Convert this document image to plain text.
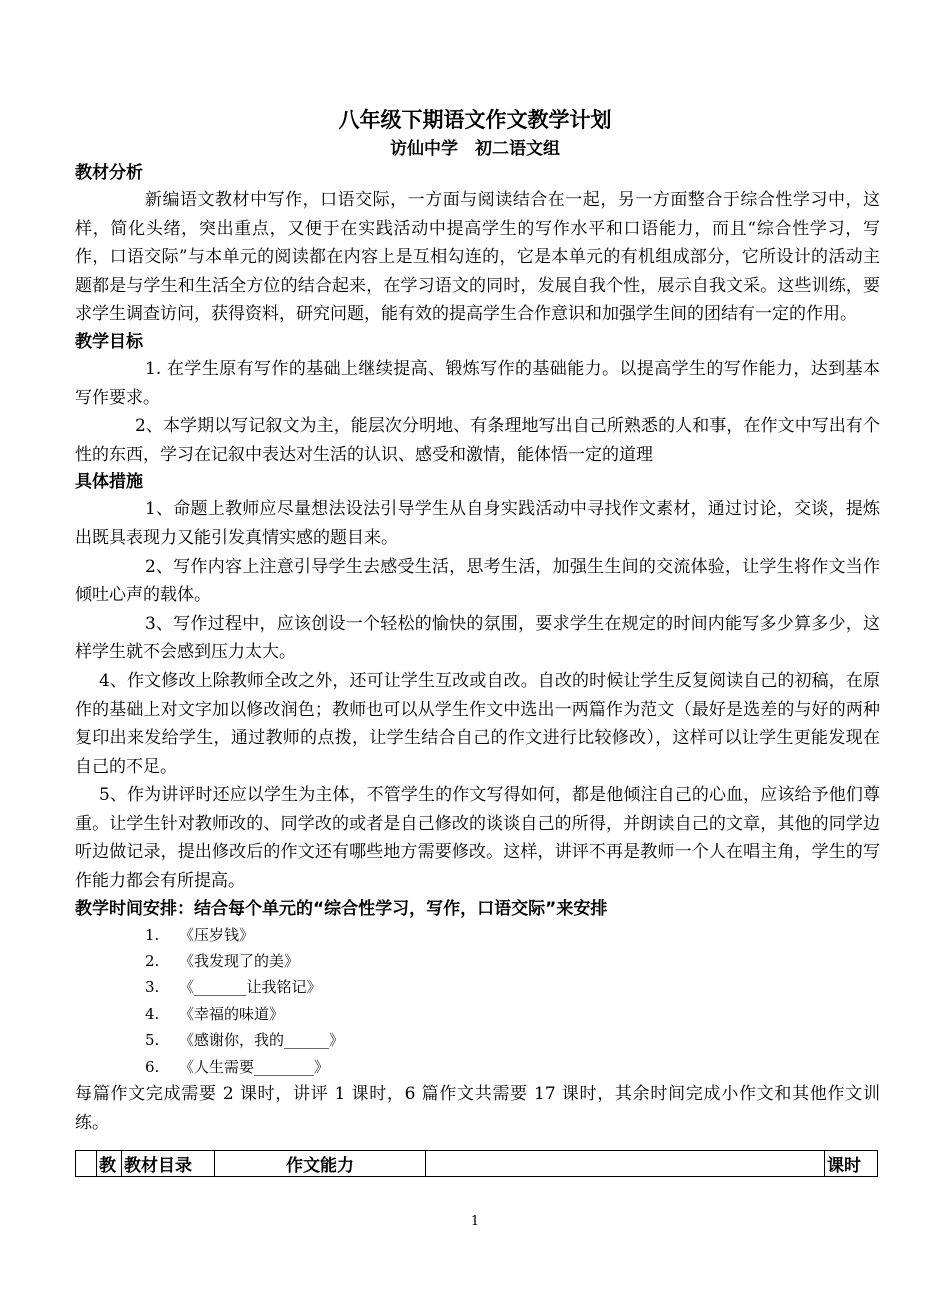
八年级下期语文作文教学计划
访仙中学　初二语文组
教材分析

新编语文教材中写作，口语交际，一方面与阅读结合在一起，另一方面整合于综合性学习中，这样，简化头绪，突出重点，又便于在实践活动中提高学生的写作水平和口语能力，而且“综合性学习，写作，口语交际”与本单元的阅读都在内容上是互相勾连的，它是本单元的有机组成部分，它所设计的活动主题都是与学生和生活全方位的结合起来，在学习语文的同时，发展自我个性，展示自我文采。这些训练，要求学生调查访问，获得资料，研究问题，能有效的提高学生合作意识和加强学生间的团结有一定的作用。

教学目标

1. 在学生原有写作的基础上继续提高、锻炼写作的基础能力。以提高学生的写作能力，达到基本写作要求。

2、本学期以写记叙文为主，能层次分明地、有条理地写出自己所熟悉的人和事，在作文中写出有个性的东西，学习在记叙中表达对生活的认识、感受和激情，能体悟一定的道理

具体措施

1、命题上教师应尽量想法设法引导学生从自身实践活动中寻找作文素材，通过讨论，交谈，提炼出既具表现力又能引发真情实感的题目来。

2、写作内容上注意引导学生去感受生活，思考生活，加强生生间的交流体验，让学生将作文当作倾吐心声的载体。

3、写作过程中，应该创设一个轻松的愉快的氛围，要求学生在规定的时间内能写多少算多少，这样学生就不会感到压力太大。

4、作文修改上除教师全改之外，还可让学生互改或自改。自改的时候让学生反复阅读自己的初稿，在原作的基础上对文字加以修改润色；教师也可以从学生作文中选出一两篇作为范文（最好是选差的与好的两种复印出来发给学生，通过教师的点拨，让学生结合自己的作文进行比较修改），这样可以让学生更能发现在自己的不足。

5、作为讲评时还应以学生为主体，不管学生的作文写得如何，都是他倾注自己的心血，应该给予他们尊重。让学生针对教师改的、同学改的或者是自己修改的谈谈自己的所得，并朗读自己的文章，其他的同学边听边做记录，提出修改后的作文还有哪些地方需要修改。这样，讲评不再是教师一个人在唱主角，学生的写作能力都会有所提高。

教学时间安排：结合每个单元的“综合性学习，写作，口语交际”来安排
1. 《压岁钱》
2. 《我发现了的美》
3. 《_______让我铭记》
4. 《幸福的味道》
5. 《感谢你，我的______》
6. 《人生需要________》

每篇作文完成需要 2 课时，讲评 1 课时，6 篇作文共需要 17 课时，其余时间完成小作文和其他作文训练。

	教	教材目录	作文能力		课时
1
